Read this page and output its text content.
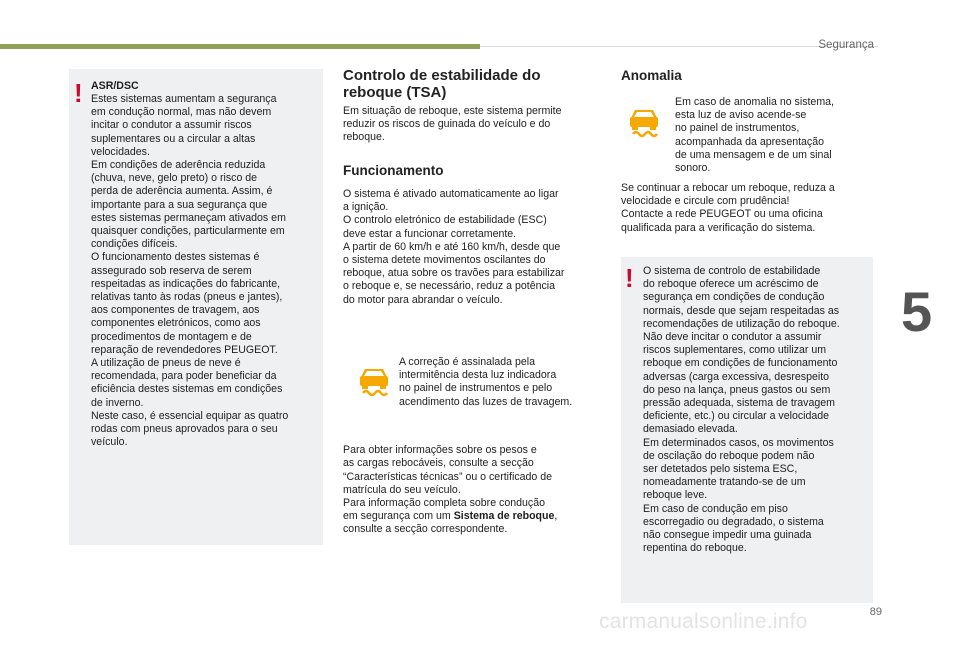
Segurança
5
! ASR/DSC
Estes sistemas aumentam a segurança
em condução normal, mas não devem
incitar o condutor a assumir riscos
suplementares ou a circular a altas
velocidades.
Em condições de aderência reduzida
(chuva, neve, gelo preto) o risco de
perda de aderência aumenta. Assim, é
importante para a sua segurança que
estes sistemas permaneçam ativados em
quaisquer condições, particularmente em
condições difíceis.
O funcionamento destes sistemas é
assegurado sob reserva de serem
respeitadas as indicações do fabricante,
relativas tanto às rodas (pneus e jantes),
aos componentes de travagem, aos
componentes eletrónicos, como aos
procedimentos de montagem e de
reparação de revendedores PEUGEOT.
A utilização de pneus de neve é
recomendada, para poder beneficiar da
eficiência destes sistemas em condições
de inverno.
Neste caso, é essencial equipar as quatro
rodas com pneus aprovados para o seu
veículo.
Controlo de estabilidade do
reboque (TSA)
Em situação de reboque, este sistema permite
reduzir os riscos de guinada do veículo e do
reboque.
Funcionamento
O sistema é ativado automaticamente ao ligar
a ignição.
O controlo eletrónico de estabilidade (ESC)
deve estar a funcionar corretamente.
A partir de 60 km/h e até 160 km/h, desde que
o sistema detete movimentos oscilantes do
reboque, atua sobre os travões para estabilizar
o reboque e, se necessário, reduz a potência
do motor para abrandar o veículo.
A correção é assinalada pela
intermitência desta luz indicadora
no painel de instrumentos e pelo
acendimento das luzes de travagem.

Para obter informações sobre os pesos e
as cargas rebocáveis, consulte a secção
“Características técnicas” ou o certificado de
matrícula do seu veículo.
Para informação completa sobre condução
em segurança com um Sistema de reboque,
consulte a secção correspondente.

Anomalia
Em caso de anomalia no sistema,
esta luz de aviso acende-se
no painel de instrumentos,
acompanhada da apresentação
de uma mensagem e de um sinal
sonoro.
Se continuar a rebocar um reboque, reduza a
velocidade e circule com prudência!
Contacte a rede PEUGEOT ou uma oficina
qualificada para a verificação do sistema.
! O sistema de controlo de estabilidade
do reboque oferece um acréscimo de
segurança em condições de condução
normais, desde que sejam respeitadas as
recomendações de utilização do reboque.
Não deve incitar o condutor a assumir
riscos suplementares, como utilizar um
reboque em condições de funcionamento
adversas (carga excessiva, desrespeito
do peso na lança, pneus gastos ou sem
pressão adequada, sistema de travagem
deficiente, etc.) ou circular a velocidade
demasiado elevada.
Em determinados casos, os movimentos
de oscilação do reboque podem não
ser detetados pelo sistema ESC,
nomeadamente tratando-se de um
reboque leve.
Em caso de condução em piso
escorregadio ou degradado, o sistema
não consegue impedir uma guinada
repentina do reboque.
89
carmanualsonline.info
